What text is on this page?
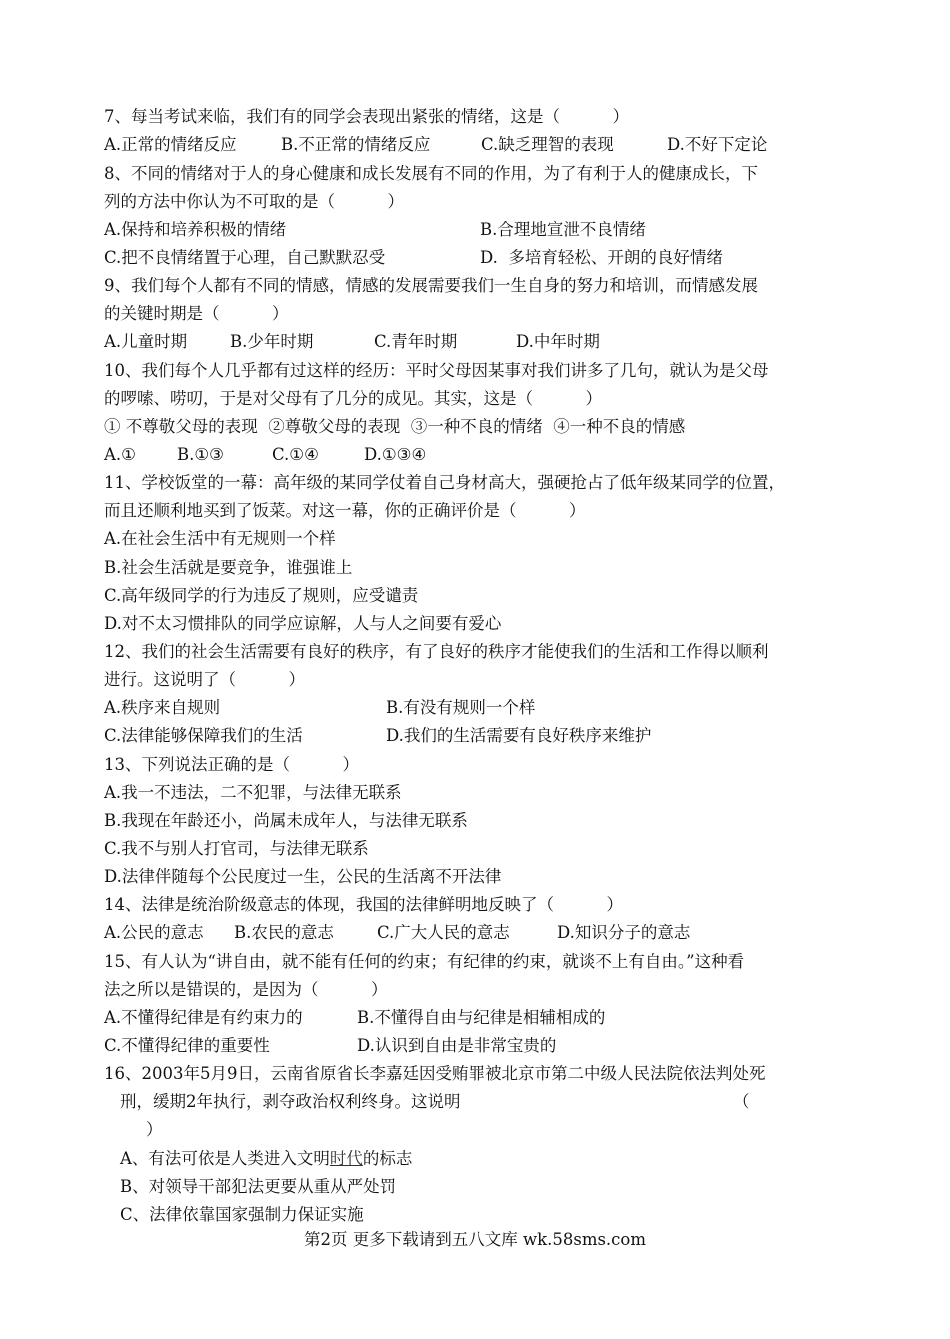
7、每当考试来临，我们有的同学会表现出紧张的情绪，这是（          ）
A.正常的情绪反应	B.不正常的情绪反应	C.缺乏理智的表现	D.不好下定论
8、不同的情绪对于人的身心健康和成长发展有不同的作用，为了有利于人的健康成长，下
列的方法中你认为不可取的是（          ）
A.保持和培养积极的情绪	B.合理地宣泄不良情绪
C.把不良情绪置于心理，自己默默忍受	D.  多培育轻松、开朗的良好情绪
9、我们每个人都有不同的情感，情感的发展需要我们一生自身的努力和培训，而情感发展
的关键时期是（          ）
A.儿童时期	B.少年时期	C.青年时期	D.中年时期
10、我们每个人几乎都有过这样的经历：平时父母因某事对我们讲多了几句，就认为是父母
的啰嗦、唠叨，于是对父母有了几分的成见。其实，这是（          ）
① 不尊敬父母的表现  ②尊敬父母的表现  ③一种不良的情绪  ④一种不良的情感
A.①	B.①③	C.①④	D.①③④
11、学校饭堂的一幕：高年级的某同学仗着自己身材高大，强硬抢占了低年级某同学的位置，
而且还顺利地买到了饭菜。对这一幕，你的正确评价是（          ）
A.在社会生活中有无规则一个样
B.社会生活就是要竞争，谁强谁上
C.高年级同学的行为违反了规则，应受谴责
D.对不太习惯排队的同学应谅解，人与人之间要有爱心
12、我们的社会生活需要有良好的秩序，有了良好的秩序才能使我们的生活和工作得以顺利
进行。这说明了（          ）
A.秩序来自规则	B.有没有规则一个样
C.法律能够保障我们的生活	D.我们的生活需要有良好秩序来维护
13、下列说法正确的是（          ）
A.我一不违法，二不犯罪，与法律无联系
B.我现在年龄还小，尚属未成年人，与法律无联系
C.我不与别人打官司，与法律无联系
D.法律伴随每个公民度过一生，公民的生活离不开法律
14、法律是统治阶级意志的体现，我国的法律鲜明地反映了（          ）
A.公民的意志	B.农民的意志	C.广大人民的意志	D.知识分子的意志
15、有人认为“讲自由，就不能有任何的约束；有纪律的约束，就谈不上有自由。”这种看
法之所以是错误的，是因为（          ）
A.不懂得纪律是有约束力的	B.不懂得自由与纪律是相辅相成的
C.不懂得纪律的重要性	D.认识到自由是非常宝贵的
16、2003年5月9日，云南省原省长李嘉廷因受贿罪被北京市第二中级人民法院依法判处死
刑，缓期2年执行，剥夺政治权利终身。这说明	（
）
A、有法可依是人类进入文明时代的标志
B、对领导干部犯法更要从重从严处罚
C、法律依靠国家强制力保证实施
第2页 更多下载请到五八文库 wk.58sms.com
